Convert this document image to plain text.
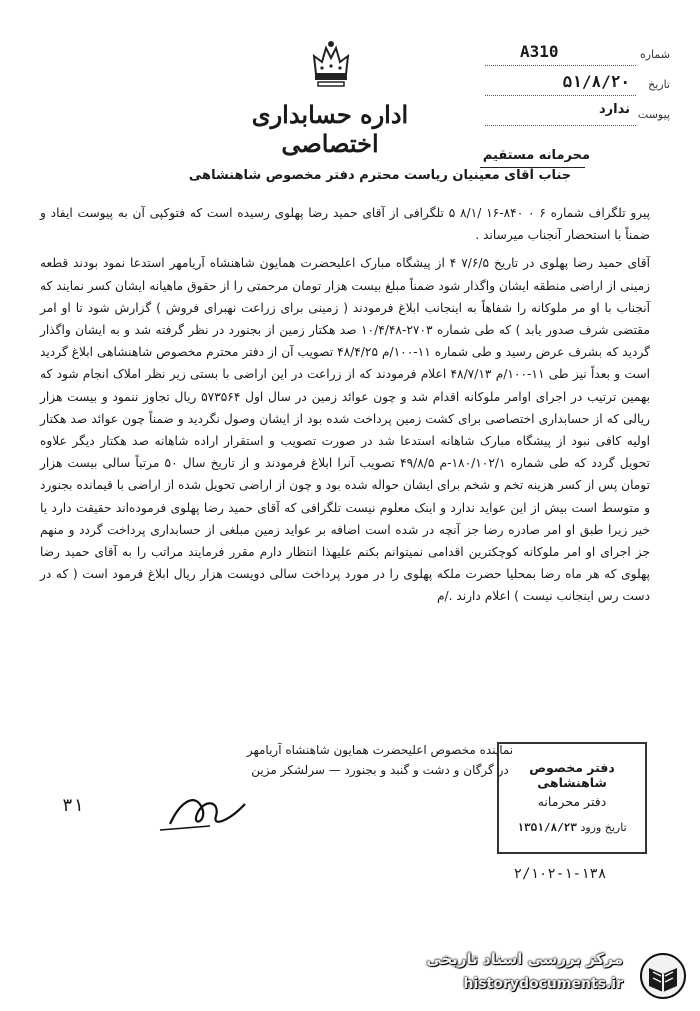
اداره حسابداری اختصاصی
شماره
A310
تاریخ
۵۱/۸/۲۰
پیوست
ندارد
محرمانه مستقیم
جناب آقای معینیان ریاست محترم دفتر مخصوص شاهنشاهی

پیرو تلگراف شماره ۶ ۰ ۸۴۰-۱۶ /۸/۱ ۵ تلگرافی از آقای حمید رضا پهلوی رسیده است که فتوکپی آن به پیوست ایفاد و ضمناً با استحضار آنجناب میرساند .

آقای حمید رضا پهلوی در تاریخ ۷/۶/۵ ۴ از پیشگاه مبارک اعلیحضرت همایون شاهنشاه آریامهر استدعا نمود بودند قطعه زمینی از اراضی منطقه ایشان واگذار شود ضمناً مبلغ بیست هزار تومان مرحمتی را از حقوق ماهیانه ایشان کسر نمایند که آنجناب با او مر ملوکانه را شفاهاً به اینجانب ابلاغ فرمودند ( زمینی برای زراعت نهبرای فروش ) گزارش شود تا او امر مقتضی شرف صدور یابد ) که طی شماره ۲۷۰۳-۱۰/۴/۴۸ صد هکتار زمین از بجنورد در نظر گرفته شد و به ایشان واگذار گردید که بشرف عرض رسید و طی شماره ۱۱-۱۰۰/م ۴۸/۴/۲۵ تصویب آن از دفتر محترم مخصوص شاهنشاهی ابلاغ گردید است و بعداً نیز طی ۱۱-۱۰۰/م ۴۸/۷/۱۳ اعلام فرمودند که از زراعت در این اراضی با بستی زیر نظر املاک انجام شود که بهمین ترتیب در اجرای اوامر ملوکانه اقدام شد و چون عوائد زمین در سال اول ۵۷۳۵۶۴ ریال تجاوز ننمود و بیست هزار ریالی که از حسابداری اختصاصی برای کشت زمین پرداخت شده بود از ایشان وصول نگردید و ضمناً چون عوائد صد هکتار اولیه کافی نبود از پیشگاه مبارک شاهانه استدعا شد در صورت تصویب و استقرار اراده شاهانه صد هکتار دیگر علاوه تحویل گردد که طی شماره ۱۸۰/۱۰۲/۱-م ۴۹/۸/۵ تصویب آنرا ابلاغ فرمودند و از تاریخ سال ۵۰ مرتباً سالی بیست هزار تومان پس از کسر هزینه تخم و شخم برای ایشان حواله شده بود و چون از اراضی تحویل شده از اراضی با قیمانده بجنورد و متوسط است بیش از این عواید ندارد و اینک معلوم نیست تلگرافی که آقای حمید رضا پهلوی فرموده‌اند حقیقت دارد یا خیر زیرا طبق او امر صادره رضا جز آنچه در شده است اضافه بر عواید زمین مبلغی از حسابداری پرداخت گردد و منهم جز اجرای او امر ملوکانه کوچکترین اقدامی نمیتوانم بکنم علیهذا انتظار دارم مقرر فرمایند مراتب را به آقای حمید رضا پهلوی که هر ماه رضا بمحلیا حضرت ملکه پهلوی را در مورد پرداخت سالی دویست هزار ریال ابلاغ فرمود است ( که در دست رس اینجانب نیست ) اعلام دارند ./م

نماینده مخصوص اعلیحضرت همایون شاهنشاه آریامهر
در گرگان و دشت و گنبد و بجنورد — سرلشکر مزین
۳۱
دفتر مخصوص شاهنشاهی
دفتر محرمانه
تاریخ ورود ۱۳۵۱/۸/۲۳
۲/۱۰۲-۱-۱۳۸
مرکز بررسی اسناد تاریخی
historydocuments.ir
